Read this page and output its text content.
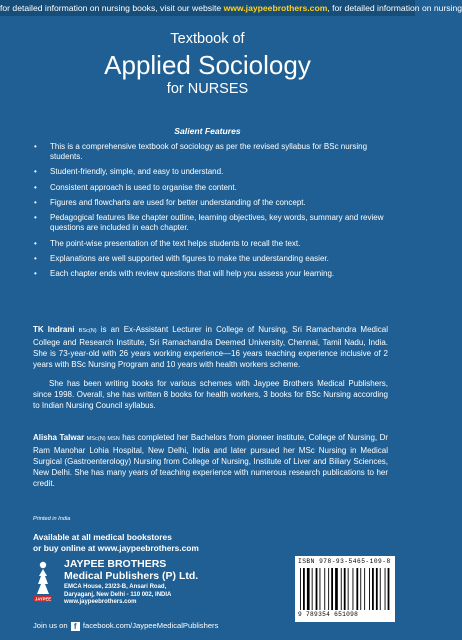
for detailed information on nursing books, visit our website www.jaypeebrothers.com, for detailed information on nursing
Textbook of
Applied Sociology
for NURSES
Salient Features
• This is a comprehensive textbook of sociology as per the revised syllabus for BSc nursing students.
• Student-friendly, simple, and easy to understand.
• Consistent approach is used to organise the content.
• Figures and flowcharts are used for better understanding of the concept.
• Pedagogical features like chapter outline, learning objectives, key words, summary and review questions are included in each chapter.
• The point-wise presentation of the text helps students to recall the text.
• Explanations are well supported with figures to make the understanding easier.
• Each chapter ends with review questions that will help you assess your learning.

TK Indrani BSc(N) is an Ex-Assistant Lecturer in College of Nursing, Sri Ramachandra Medical College and Research Institute, Sri Ramachandra Deemed University, Chennai, Tamil Nadu, India. She is 73-year-old with 26 years working experience—16 years teaching experience inclusive of 2 years with BSc Nursing Program and 10 years with health workers scheme.

She has been writing books for various schemes with Jaypee Brothers Medical Publishers, since 1998. Overall, she has written 8 books for health workers, 3 books for BSc Nursing according to Indian Nursing Council syllabus.

Alisha Talwar MSc(N) MSN has completed her Bachelors from pioneer institute, College of Nursing, Dr Ram Manohar Lohia Hospital, New Delhi, India and later pursued her MSc Nursing in Medical Surgical (Gastroenterology) Nursing from College of Nursing, Institute of Liver and Biliary Sciences, New Delhi. She has many years of teaching experience with numerous research publications to her credit.

Printed in India
Available at all medical bookstores
or buy online at www.jaypeebrothers.com
JAYPEE
JAYPEE BROTHERS
Medical Publishers (P) Ltd.
EMCA House, 23/23-B, Ansari Road,
Daryaganj, New Delhi - 110 002, INDIA
www.jaypeebrothers.com
Join us on f facebook.com/JaypeeMedicalPublishers
ISBN 978-93-5465-109-8
9 789354 651098
